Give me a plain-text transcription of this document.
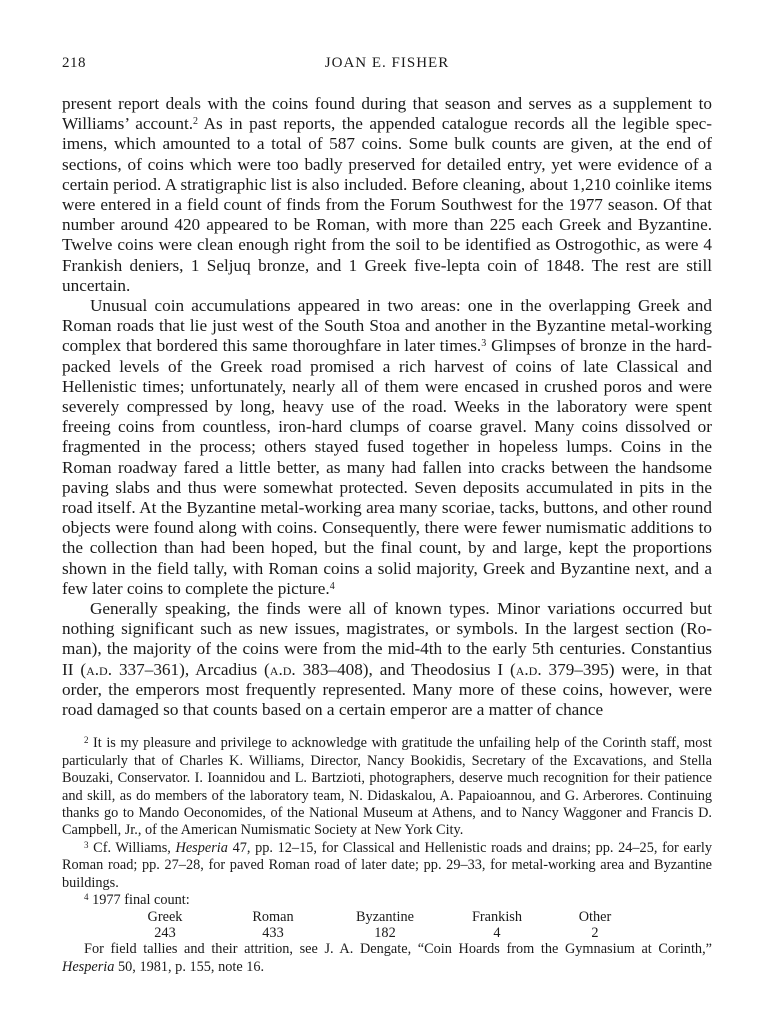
218	JOAN E. FISHER

present report deals with the coins found during that season and serves as a supplement to Williams’ account.$^2$ As in past reports, the appended catalogue records all the legible specimens, which amounted to a total of 587 coins. Some bulk counts are given, at the end of sections, of coins which were too badly preserved for detailed entry, yet were evidence of a certain period. A stratigraphic list is also included. Before cleaning, about 1,210 coinlike items were entered in a field count of finds from the Forum Southwest for the 1977 season. Of that number around 420 appeared to be Roman, with more than 225 each Greek and Byzantine. Twelve coins were clean enough right from the soil to be identified as Ostrogothic, as were 4 Frankish deniers, 1 Seljuq bronze, and 1 Greek five-lepta coin of 1848. The rest are still uncertain.

Unusual coin accumulations appeared in two areas: one in the overlapping Greek and Roman roads that lie just west of the South Stoa and another in the Byzantine metal-working complex that bordered this same thoroughfare in later times.$^3$ Glimpses of bronze in the hard-packed levels of the Greek road promised a rich harvest of coins of late Classical and Hellenistic times; unfortunately, nearly all of them were encased in crushed poros and were severely compressed by long, heavy use of the road. Weeks in the laboratory were spent freeing coins from countless, iron-hard clumps of coarse gravel. Many coins dissolved or fragmented in the process; others stayed fused together in hopeless lumps. Coins in the Roman roadway fared a little better, as many had fallen into cracks between the handsome paving slabs and thus were somewhat protected. Seven deposits accumulated in pits in the road itself. At the Byzantine metal-working area many scoriae, tacks, buttons, and other round objects were found along with coins. Consequently, there were fewer numismatic additions to the collection than had been hoped, but the final count, by and large, kept the proportions shown in the field tally, with Roman coins a solid majority, Greek and Byzantine next, and a few later coins to complete the picture.$^4$

Generally speaking, the finds were all of known types. Minor variations occurred but nothing significant such as new issues, magistrates, or symbols. In the largest section (Roman), the majority of the coins were from the mid-4th to the early 5th centuries. Constantius II (a.d. 337–361), Arcadius (a.d. 383–408), and Theodosius I (a.d. 379–395) were, in that order, the emperors most frequently represented. Many more of these coins, however, were road damaged so that counts based on a certain emperor are a matter of chance

$^2$ It is my pleasure and privilege to acknowledge with gratitude the unfailing help of the Corinth staff, most particularly that of Charles K. Williams, Director, Nancy Bookidis, Secretary of the Excavations, and Stella Bouzaki, Conservator. I. Ioannidou and L. Bartzioti, photographers, deserve much recognition for their patience and skill, as do members of the laboratory team, N. Didaskalou, A. Papaioannou, and G. Arberores. Continuing thanks go to Mando Oeconomides, of the National Museum at Athens, and to Nancy Waggoner and Francis D. Campbell, Jr., of the American Numismatic Society at New York City.

$^3$ Cf. Williams, Hesperia 47, pp. 12–15, for Classical and Hellenistic roads and drains; pp. 24–25, for early Roman road; pp. 27–28, for paved Roman road of later date; pp. 29–33, for metal-working area and Byzantine buildings.

$^4$ 1977 final count:

Greek	Roman	Byzantine	Frankish	Other
243	433	182	4	2

For field tallies and their attrition, see J. A. Dengate, “Coin Hoards from the Gymnasium at Corinth,” Hesperia 50, 1981, p. 155, note 16.
